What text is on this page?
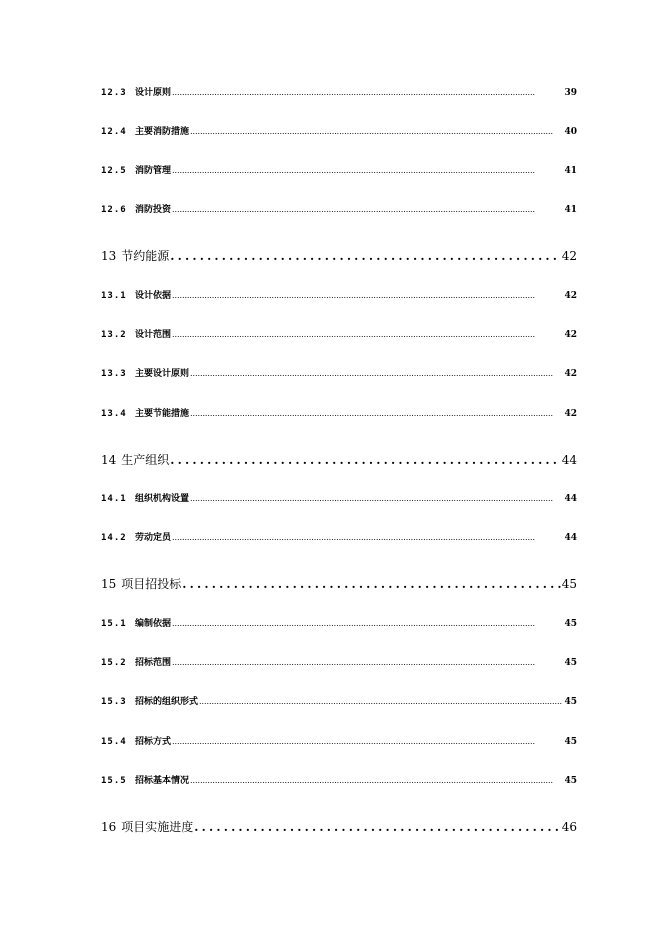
12.3 设计原则 . . .	39
12.4 主要消防措施 . . .	40
12.5 消防管理 . . .	41
12.6 消防投资 . . .	41
13 节约能源 . . .	42
13.1 设计依据 . . .	42
13.2 设计范围 . . .	42
13.3 主要设计原则 . . .	42
13.4 主要节能措施 . . .	42
14 生产组织 . . .	44
14.1 组织机构设置 . . .	44
14.2 劳动定员 . . .	44
15 项目招投标 . . .	45
15.1 编制依据 . . .	45
15.2 招标范围 . . .	45
15.3 招标的组织形式 . . .	45
15.4 招标方式 . . .	45
15.5 招标基本情况 . . .	45
16 项目实施进度 . . .	46
